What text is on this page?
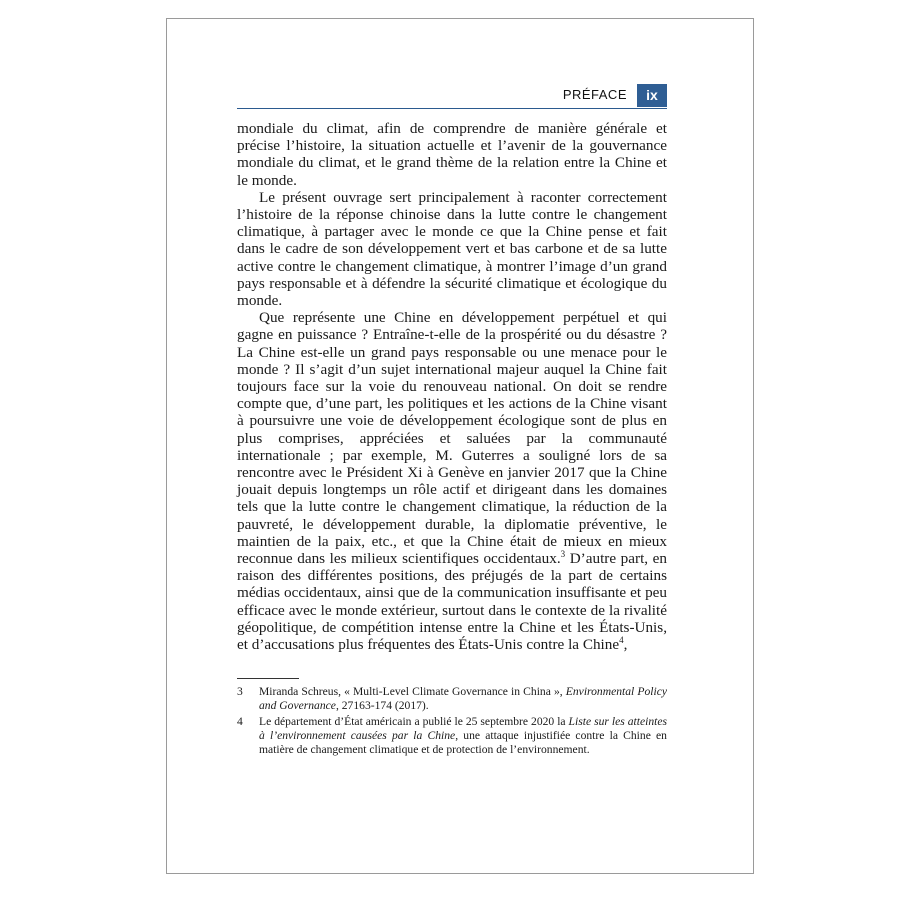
PRÉFACE	ix

mondiale du climat, afin de comprendre de manière générale et précise l’histoire, la situation actuelle et l’avenir de la gouvernance mondiale du climat, et le grand thème de la relation entre la Chine et le monde.

Le présent ouvrage sert principalement à raconter correctement l’histoire de la réponse chinoise dans la lutte contre le changement climatique, à partager avec le monde ce que la Chine pense et fait dans le cadre de son développement vert et bas carbone et de sa lutte active contre le changement climatique, à montrer l’image d’un grand pays responsable et à défendre la sécurité climatique et écologique du monde.

Que représente une Chine en développement perpétuel et qui gagne en puissance ? Entraîne-t-elle de la prospérité ou du désastre ? La Chine est-elle un grand pays responsable ou une menace pour le monde ? Il s’agit d’un sujet international majeur auquel la Chine fait toujours face sur la voie du renouveau national. On doit se rendre compte que, d’une part, les politiques et les actions de la Chine visant à poursuivre une voie de développement écologique sont de plus en plus comprises, appréciées et saluées par la communauté internationale ; par exemple, M. Guterres a souligné lors de sa rencontre avec le Président Xi à Genève en janvier 2017 que la Chine jouait depuis longtemps un rôle actif et dirigeant dans les domaines tels que la lutte contre le changement climatique, la réduction de la pauvreté, le développement durable, la diplomatie préventive, le maintien de la paix, etc., et que la Chine était de mieux en mieux reconnue dans les milieux scientifiques occidentaux.$^3$ D’autre part, en raison des différentes positions, des préjugés de la part de certains médias occidentaux, ainsi que de la communication insuffisante et peu efficace avec le monde extérieur, surtout dans le contexte de la rivalité géopolitique, de compétition intense entre la Chine et les États-Unis, et d’accusations plus fréquentes des États-Unis contre la Chine$^4$,

3	Miranda Schreus, « Multi-Level Climate Governance in China », Environmental Policy and Governance, 27163-174 (2017).
4	Le département d’État américain a publié le 25 septembre 2020 la Liste sur les atteintes à l’environnement causées par la Chine, une attaque injustifiée contre la Chine en matière de changement climatique et de protection de l’environnement.
